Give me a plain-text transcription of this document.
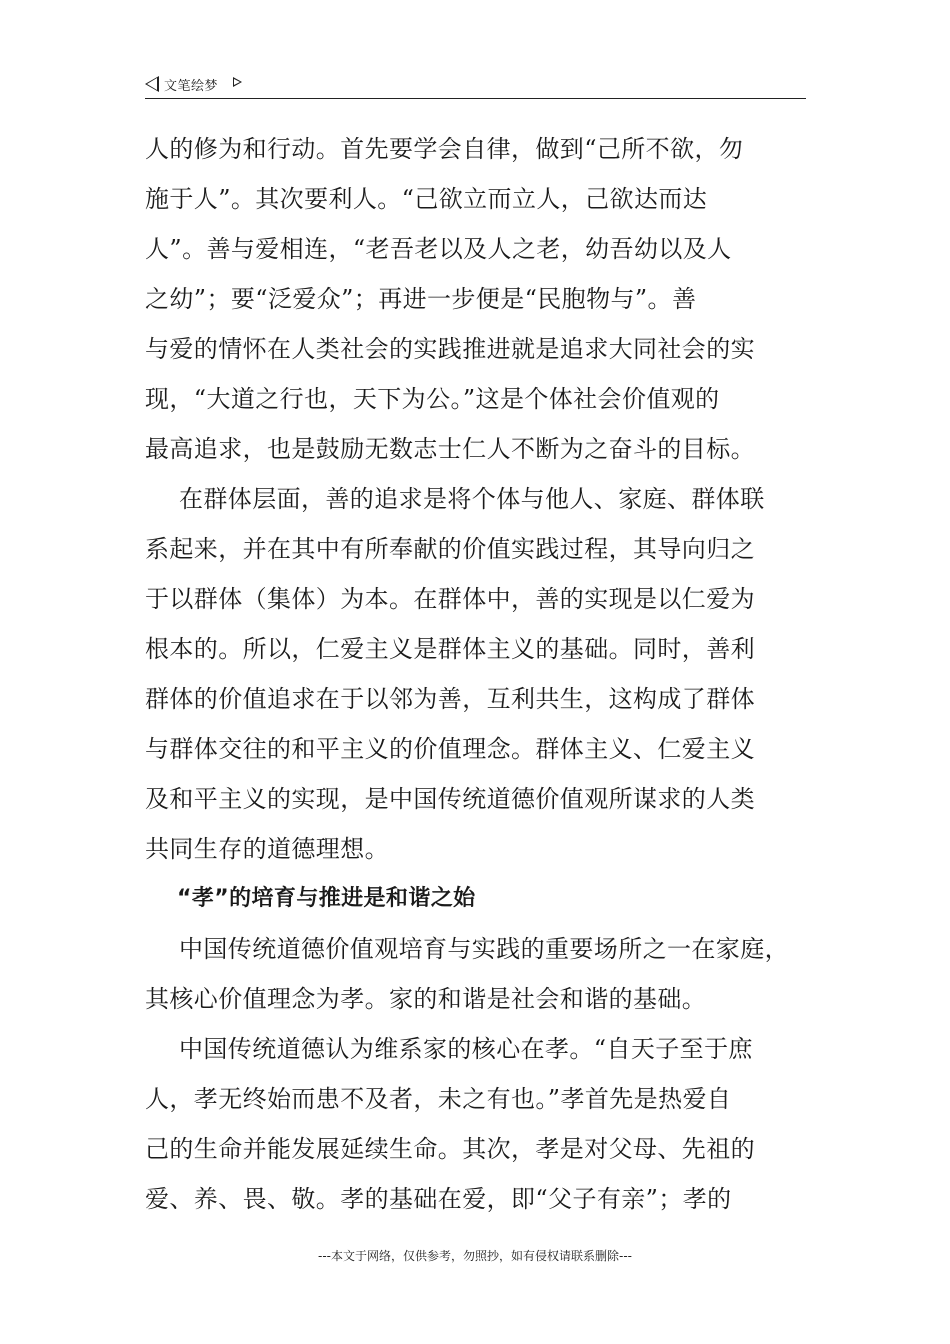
文笔绘梦
人的修为和行动。首先要学会自律，做到“己所不欲，勿
施于人”。其次要利人。“己欲立而立人，己欲达而达
人”。善与爱相连，“老吾老以及人之老，幼吾幼以及人
之幼”；要“泛爱众”；再进一步便是“民胞物与”。善
与爱的情怀在人类社会的实践推进就是追求大同社会的实
现，“大道之行也，天下为公。”这是个体社会价值观的
最高追求，也是鼓励无数志士仁人不断为之奋斗的目标。
在群体层面，善的追求是将个体与他人、家庭、群体联
系起来，并在其中有所奉献的价值实践过程，其导向归之
于以群体（集体）为本。在群体中，善的实现是以仁爱为
根本的。所以，仁爱主义是群体主义的基础。同时，善利
群体的价值追求在于以邻为善，互利共生，这构成了群体
与群体交往的和平主义的价值理念。群体主义、仁爱主义
及和平主义的实现，是中国传统道德价值观所谋求的人类
共同生存的道德理想。
“孝”的培育与推进是和谐之始
中国传统道德价值观培育与实践的重要场所之一在家庭，
其核心价值理念为孝。家的和谐是社会和谐的基础。
中国传统道德认为维系家的核心在孝。“自天子至于庶
人，孝无终始而患不及者，未之有也。”孝首先是热爱自
己的生命并能发展延续生命。其次，孝是对父母、先祖的
爱、养、畏、敬。孝的基础在爱，即“父子有亲”；孝的
---本文于网络，仅供参考，勿照抄，如有侵权请联系删除---
